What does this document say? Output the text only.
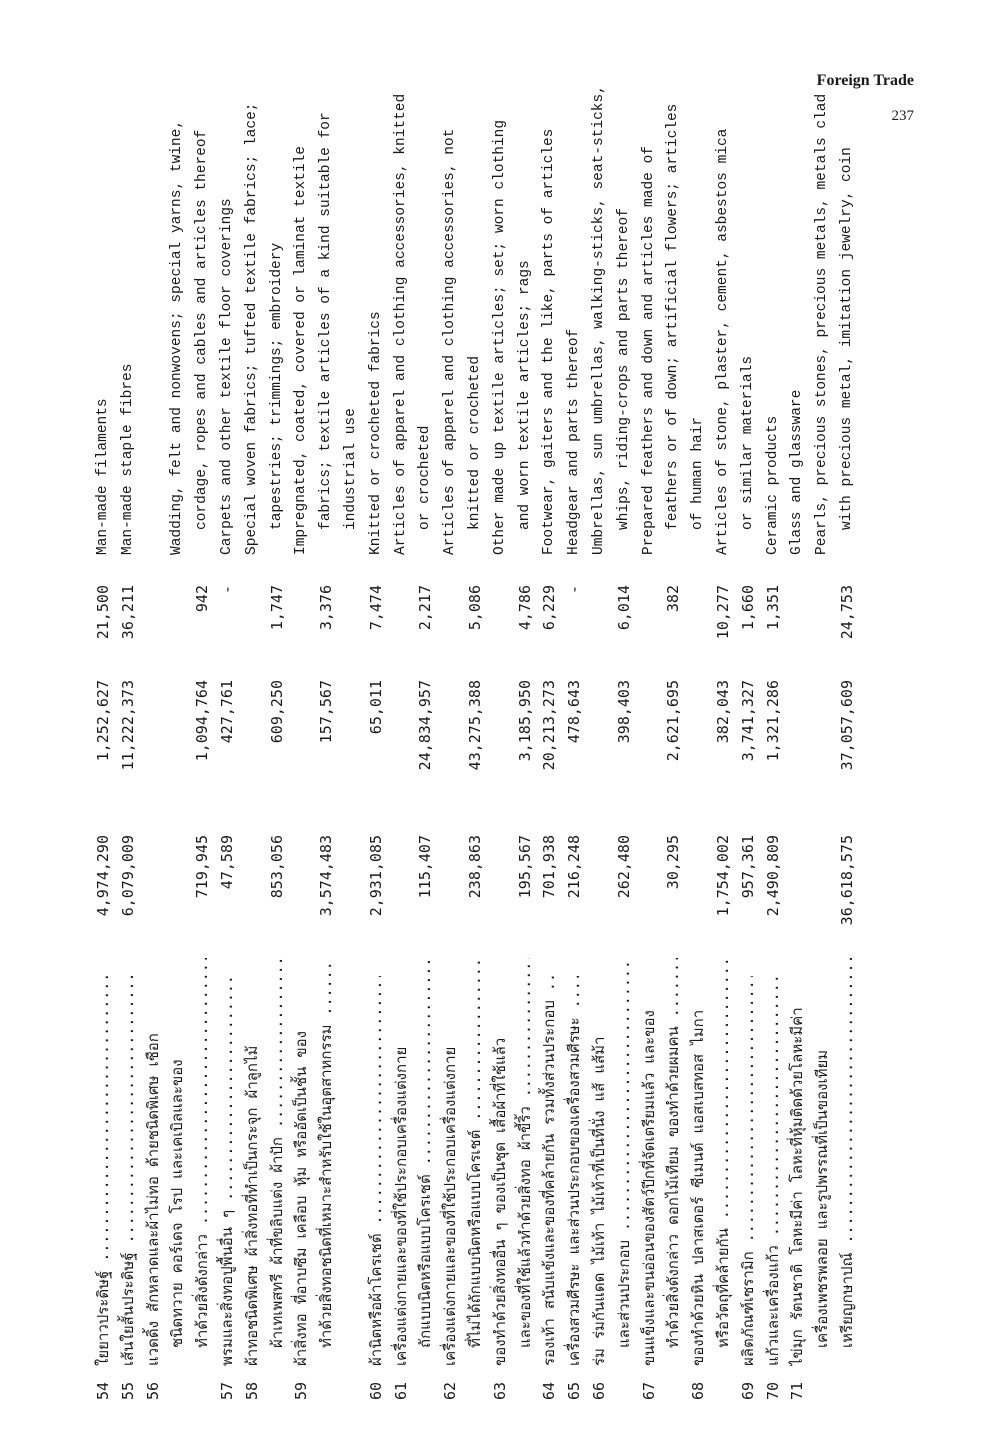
Foreign Trade
237
54
ใยยาวประดิษฐ์ .....
4,974,290
1,252,627
21,500
Man-made filaments
55
เส้นใยสั้นประดิษฐ์ .....
6,079,009
11,222,373
36,211
Man-made staple fibres
56
แวดดิ้ง สักหลาดและผ้าไม่ทอ ด้ายชนิดพิเศษ เชือก ชนิดทวาย คอร์เดจ โรป และเคเบิลและของ
Wadding, felt and nonwovens; special yarns, twine,
ทำด้วยสิ่งดังกล่าว .....
719,945
1,094,764
942
cordage, ropes and cables and articles thereof
57
พรมและสิ่งทอปูพื้นอื่น ๆ .....
47,589
427,761
-
Carpets and other textile floor coverings
58
ผ้าทอชนิดพิเศษ ผ้าสิ่งทอที่ทำเป็นกระจุก ผ้าลูกไม้
Special woven fabrics; tufted textile fabrics; lace;
ผ้าเทเพสทรี ผ้าที่ขลิบแต่ง ผ้าปัก .....
853,056
609,250
1,747
tapestries; trimmings; embroidery
59
ผ้าสิ่งทอ ที่อาบซึม เคลือบ หุ้ม หรืออัดเป็นชั้น ของ
Impregnated, coated, covered or laminat textile
ทำด้วยสิ่งทอชนิดที่เหมาะสำหรับใช้ในอุตสาหกรรม .....
3,574,483
157,567
3,376
fabrics; textile articles of a kind suitable for industrial use
60
ผ้านิตหรือผ้าโครเชต์ .....
2,931,085
65,011
7,474
Knitted or crocheted fabrics
61
เครื่องแต่งกายและของที่ใช้ประกอบเครื่องแต่งกาย
Articles of apparel and clothing accessories, knitted
ถักแบบนิตหรือแบบโครเชต์ .....
115,407
24,834,957
2,217
or crocheted
62
เครื่องแต่งกายและของที่ใช้ประกอบเครื่องแต่งกาย
Articles of apparel and clothing accessories, not
ที่ไม่ได้ถักแบบนิตหรือแบบโครเชต์ .....
238,863
43,275,388
5,086
knitted or crocheted
63
ของทำด้วยสิ่งทออื่น ๆ ของเป็นชุด เสื้อผ้าที่ใช้แล้ว
Other made up textile articles; set; worn clothing
และของที่ใช้แล้วทำด้วยสิ่งทอ ผ้าขี้ริ้ว .....
195,567
3,185,950
4,786
and worn textile articles; rags
64
รองเท้า สนับแข้งและของที่คล้ายกัน รวมทั้งส่วนประกอบ .....
701,938
20,213,273
6,229
Footwear, gaiters and the like, parts of articles
65
เครื่องสวมศีรษะ และส่วนประกอบของเครื่องสวมศีรษะ .....
216,248
478,643
-
Headgear and parts thereof
66
ร่ม ร่มกันแดด ไม้เท้า ไม้เท้าที่เป็นที่นั่ง แส้ แส้ม้า
Umbrellas, sun umbrellas, walking-sticks, seat-sticks,
และส่วนประกอบ .....
262,480
398,403
6,014
whips, riding-crops and parts thereof
67
ขนแข็งและขนอ่อนของสัตว์ปีกที่จัดเตรียมแล้ว และของ
Prepared feathers and down and articles made of
ทำด้วยสิ่งดังกล่าว ดอกไม้เทียม ของทำด้วยผมคน .....
30,295
2,621,695
382
feathers or of down; artificial flowers; articles
68
ของทำด้วยหิน ปลาสเตอร์ ซีเมนต์ แอสเบสทอส ไมกา
of human hair
หรือวัตถุที่คล้ายกัน .....
1,754,002
382,043
10,277
Articles of stone, plaster, cement, asbestos mica
69
ผลิตภัณฑ์เซรามิก .....
957,361
3,741,327
1,660
or similar materials
70
แก้วและเครื่องแก้ว .....
2,490,809
1,321,286
1,351
Ceramic products
71
ไข่มุก รัตนชาติ โลหะมีค่า โลหะที่หุ้มติดด้วยโลหะมีค่า
Glass and glassware
เครื่องเพชรพลอย และรูปพรรณที่เป็นของเทียม
Pearls, precious stones, precious metals, metals clad
เหรียญกษาปณ์ .....
36,618,575
37,057,609
24,753
with precious metal, imitation jewelry, coin
